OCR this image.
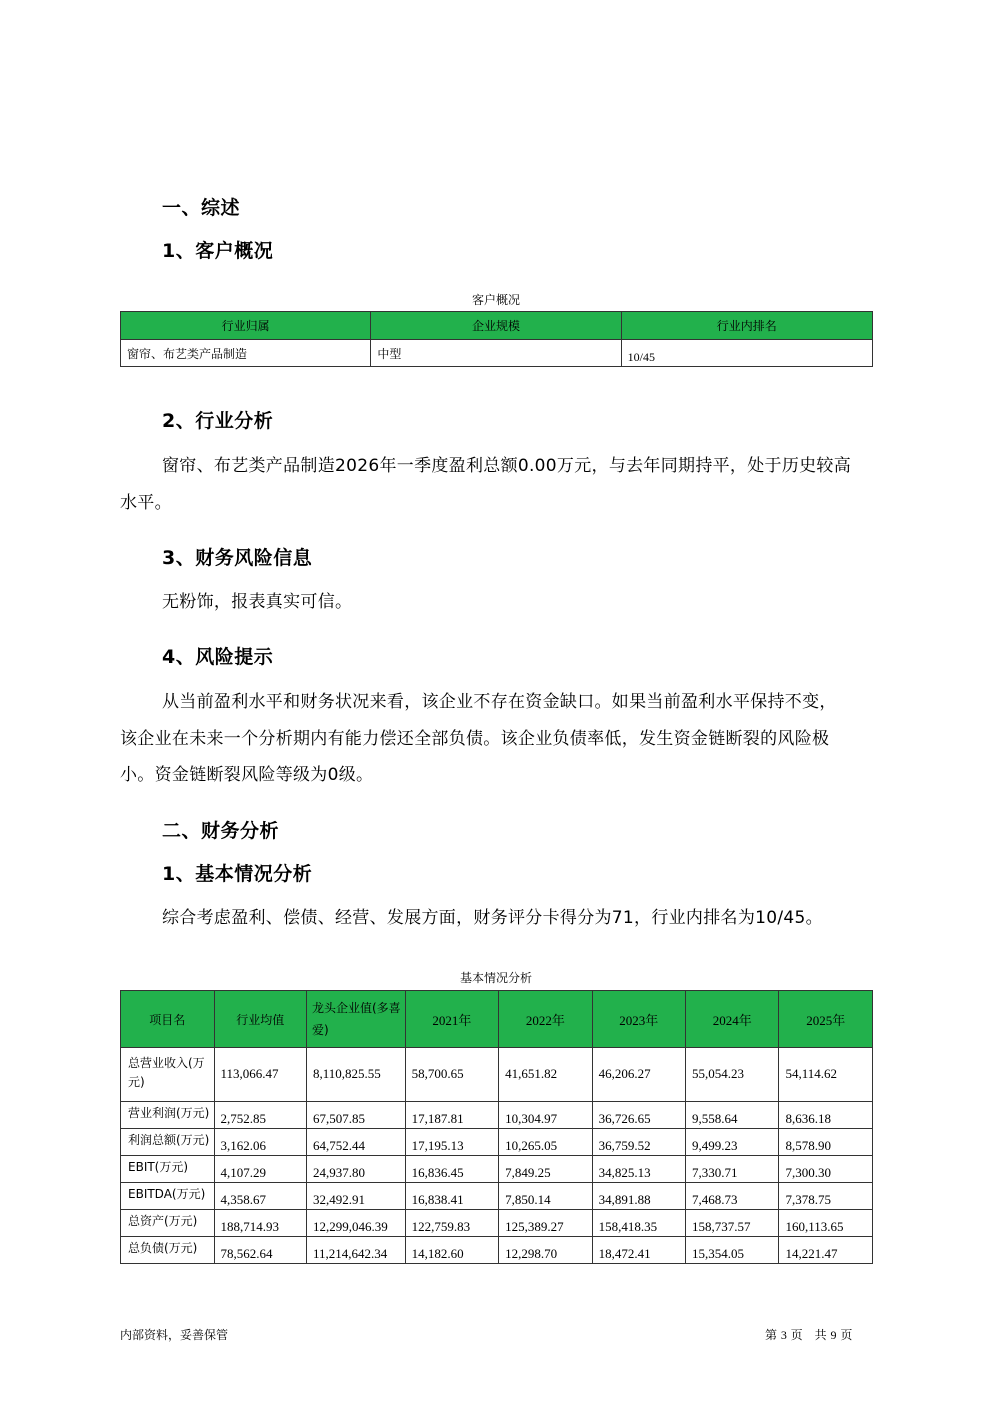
一、综述
1、客户概况
客户概况
行业归属	企业规模	行业内排名
窗帘、布艺类产品制造	中型	10/45
2、行业分析
窗帘、布艺类产品制造2026年一季度盈利总额0.00万元，与去年同期持平，处于历史较高
水平。
3、财务风险信息
无粉饰，报表真实可信。
4、风险提示
从当前盈利水平和财务状况来看，该企业不存在资金缺口。如果当前盈利水平保持不变，
该企业在未来一个分析期内有能力偿还全部负债。该企业负债率低，发生资金链断裂的风险极
小。资金链断裂风险等级为0级。
二、财务分析
1、基本情况分析
综合考虑盈利、偿债、经营、发展方面，财务评分卡得分为71，行业内排名为10/45。
基本情况分析
项目名	行业均值	龙头企业值(多喜爱)	2021年	2022年	2023年	2024年	2025年
总营业收入(万元)	113,066.47	8,110,825.55	58,700.65	41,651.82	46,206.27	55,054.23	54,114.62
营业利润(万元)	2,752.85	67,507.85	17,187.81	10,304.97	36,726.65	9,558.64	8,636.18
利润总额(万元)	3,162.06	64,752.44	17,195.13	10,265.05	36,759.52	9,499.23	8,578.90
EBIT(万元)	4,107.29	24,937.80	16,836.45	7,849.25	34,825.13	7,330.71	7,300.30
EBITDA(万元)	4,358.67	32,492.91	16,838.41	7,850.14	34,891.88	7,468.73	7,378.75
总资产(万元)	188,714.93	12,299,046.39	122,759.83	125,389.27	158,418.35	158,737.57	160,113.65
总负债(万元)	78,562.64	11,214,642.34	14,182.60	12,298.70	18,472.41	15,354.05	14,221.47
内部资料，妥善保管	第 3 页　共 9 页
